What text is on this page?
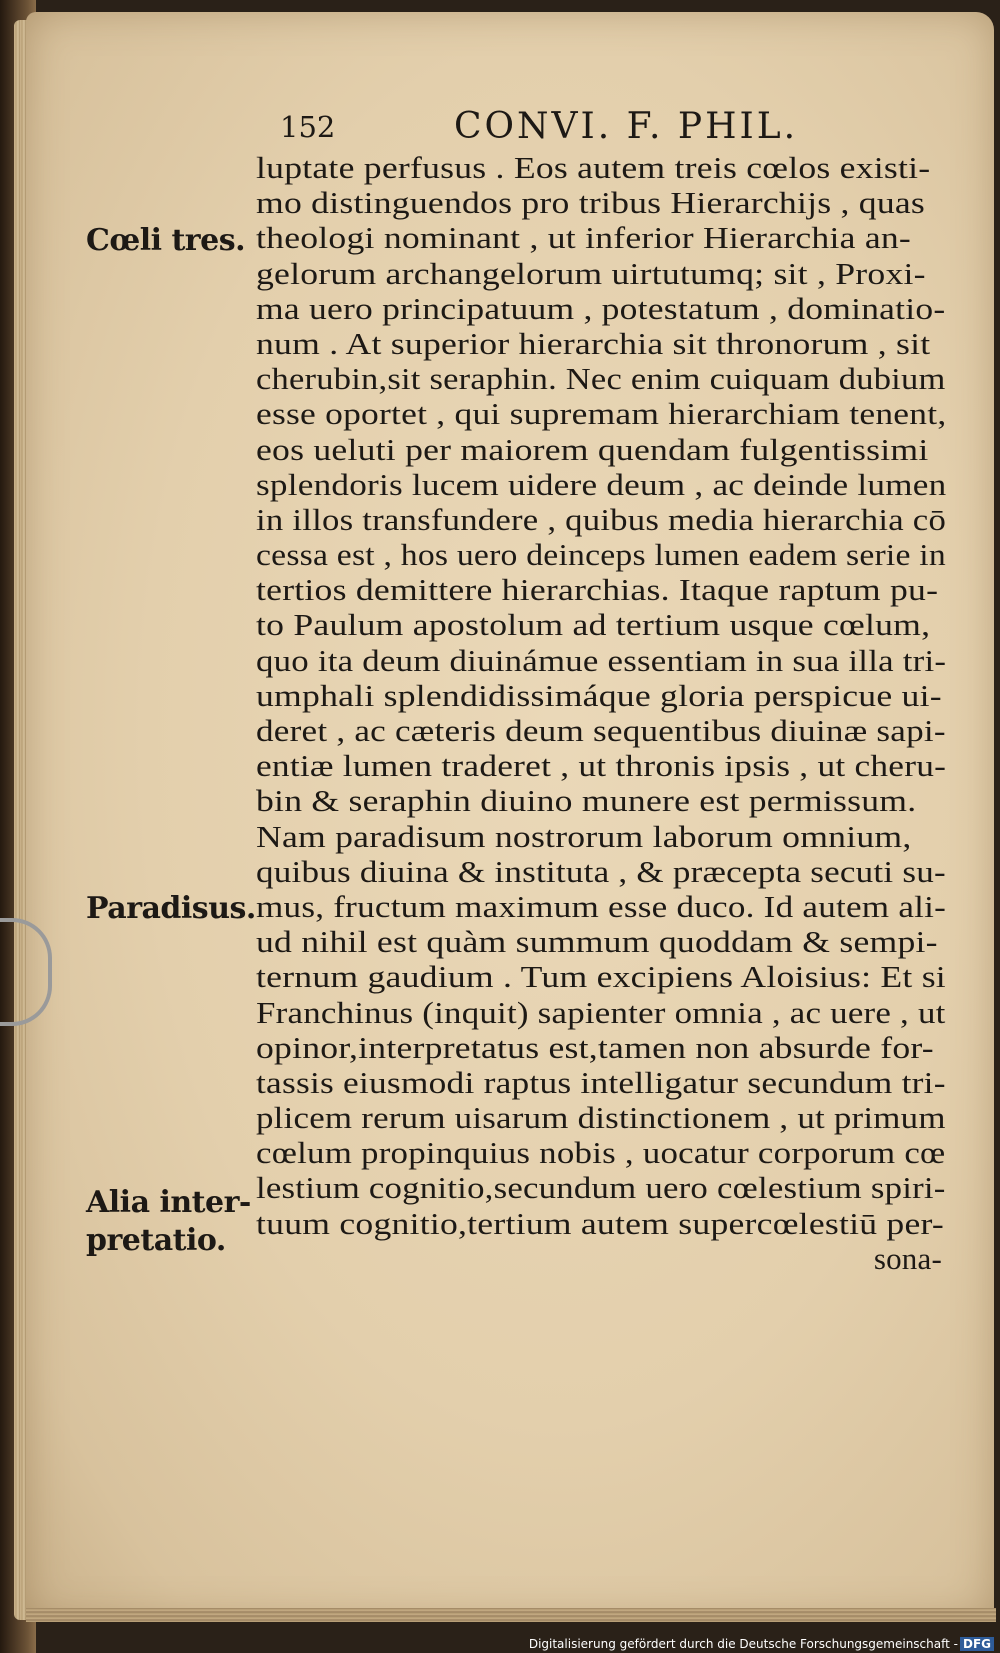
152	CONVI. F. PHIL.
luptate perfusus . Eos autem treis cœlos existi-
mo distinguendos pro tribus Hierarchijs , quas
theologi nominant , ut inferior Hierarchia an-
gelorum archangelorum uirtutumq; sit , Proxi-
ma uero principatuum , potestatum , dominatio-
num . At superior hierarchia sit thronorum , sit
cherubin,sit seraphin. Nec enim cuiquam dubium
esse oportet , qui supremam hierarchiam tenent,
eos ueluti per maiorem quendam fulgentissimi
splendoris lucem uidere deum , ac deinde lumen
in illos transfundere , quibus media hierarchia cō
cessa est , hos uero deinceps lumen eadem serie in
tertios demittere hierarchias. Itaque raptum pu-
to Paulum apostolum ad tertium usque cœlum,
quo ita deum diuinámue essentiam in sua illa tri-
umphali splendidissimáque gloria perspicue ui-
deret , ac cæteris deum sequentibus diuinæ sapi-
entiæ lumen traderet , ut thronis ipsis , ut cheru-
bin & seraphin diuino munere est permissum.
Nam paradisum nostrorum laborum omnium,
quibus diuina & instituta , & præcepta secuti su-
mus, fructum maximum esse duco. Id autem ali-
ud nihil est quàm summum quoddam & sempi-
ternum gaudium . Tum excipiens Aloisius: Et si
Franchinus (inquit) sapienter omnia , ac uere , ut
opinor,interpretatus est,tamen non absurde for-
tassis eiusmodi raptus intelligatur secundum tri-
plicem rerum uisarum distinctionem , ut primum
cœlum propinquius nobis , uocatur corporum cœ
lestium cognitio,secundum uero cœlestium spiri-
tuum cognitio,tertium autem supercœlestiū per-
sona-
Cœli tres.
Paradisus.
Alia inter-
pretatio.
Digitalisierung gefördert durch die Deutsche Forschungsgemeinschaft - DFG
